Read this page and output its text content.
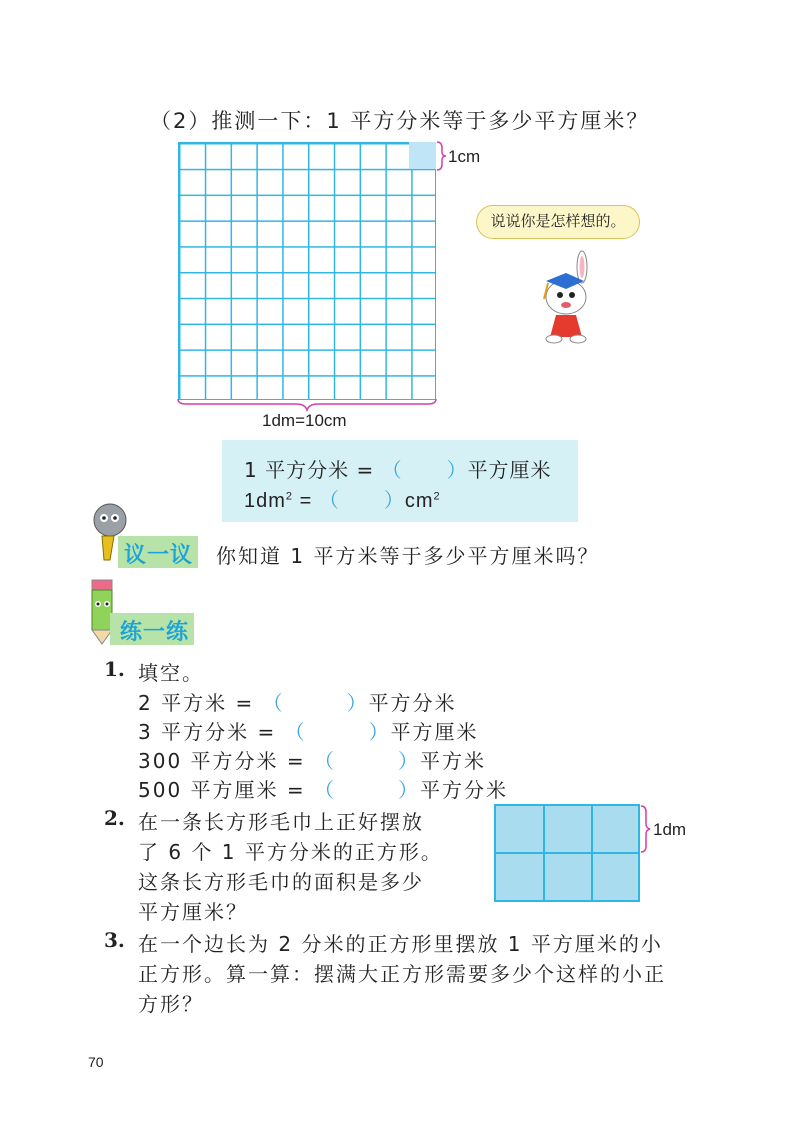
（2）推测一下：1 平方分米等于多少平方厘米？
1cm
1dm=10cm
说说你是怎样想的。
1 平方分米 = （ ）平方厘米
$1dm^2$ = （ ）$cm^2$
议一议 你知道 1 平方米等于多少平方厘米吗？
练一练
1. 填空。
2 平方米 = （	）平方分米
3 平方分米 = （	）平方厘米
300 平方分米 = （	）平方米
500 平方厘米 = （	）平方分米
2. 在一条长方形毛巾上正好摆放
了 6 个 1 平方分米的正方形。
这条长方形毛巾的面积是多少
平方厘米？
1dm
3. 在一个边长为 2 分米的正方形里摆放 1 平方厘米的小
正方形。算一算：摆满大正方形需要多少个这样的小正
方形？
70
